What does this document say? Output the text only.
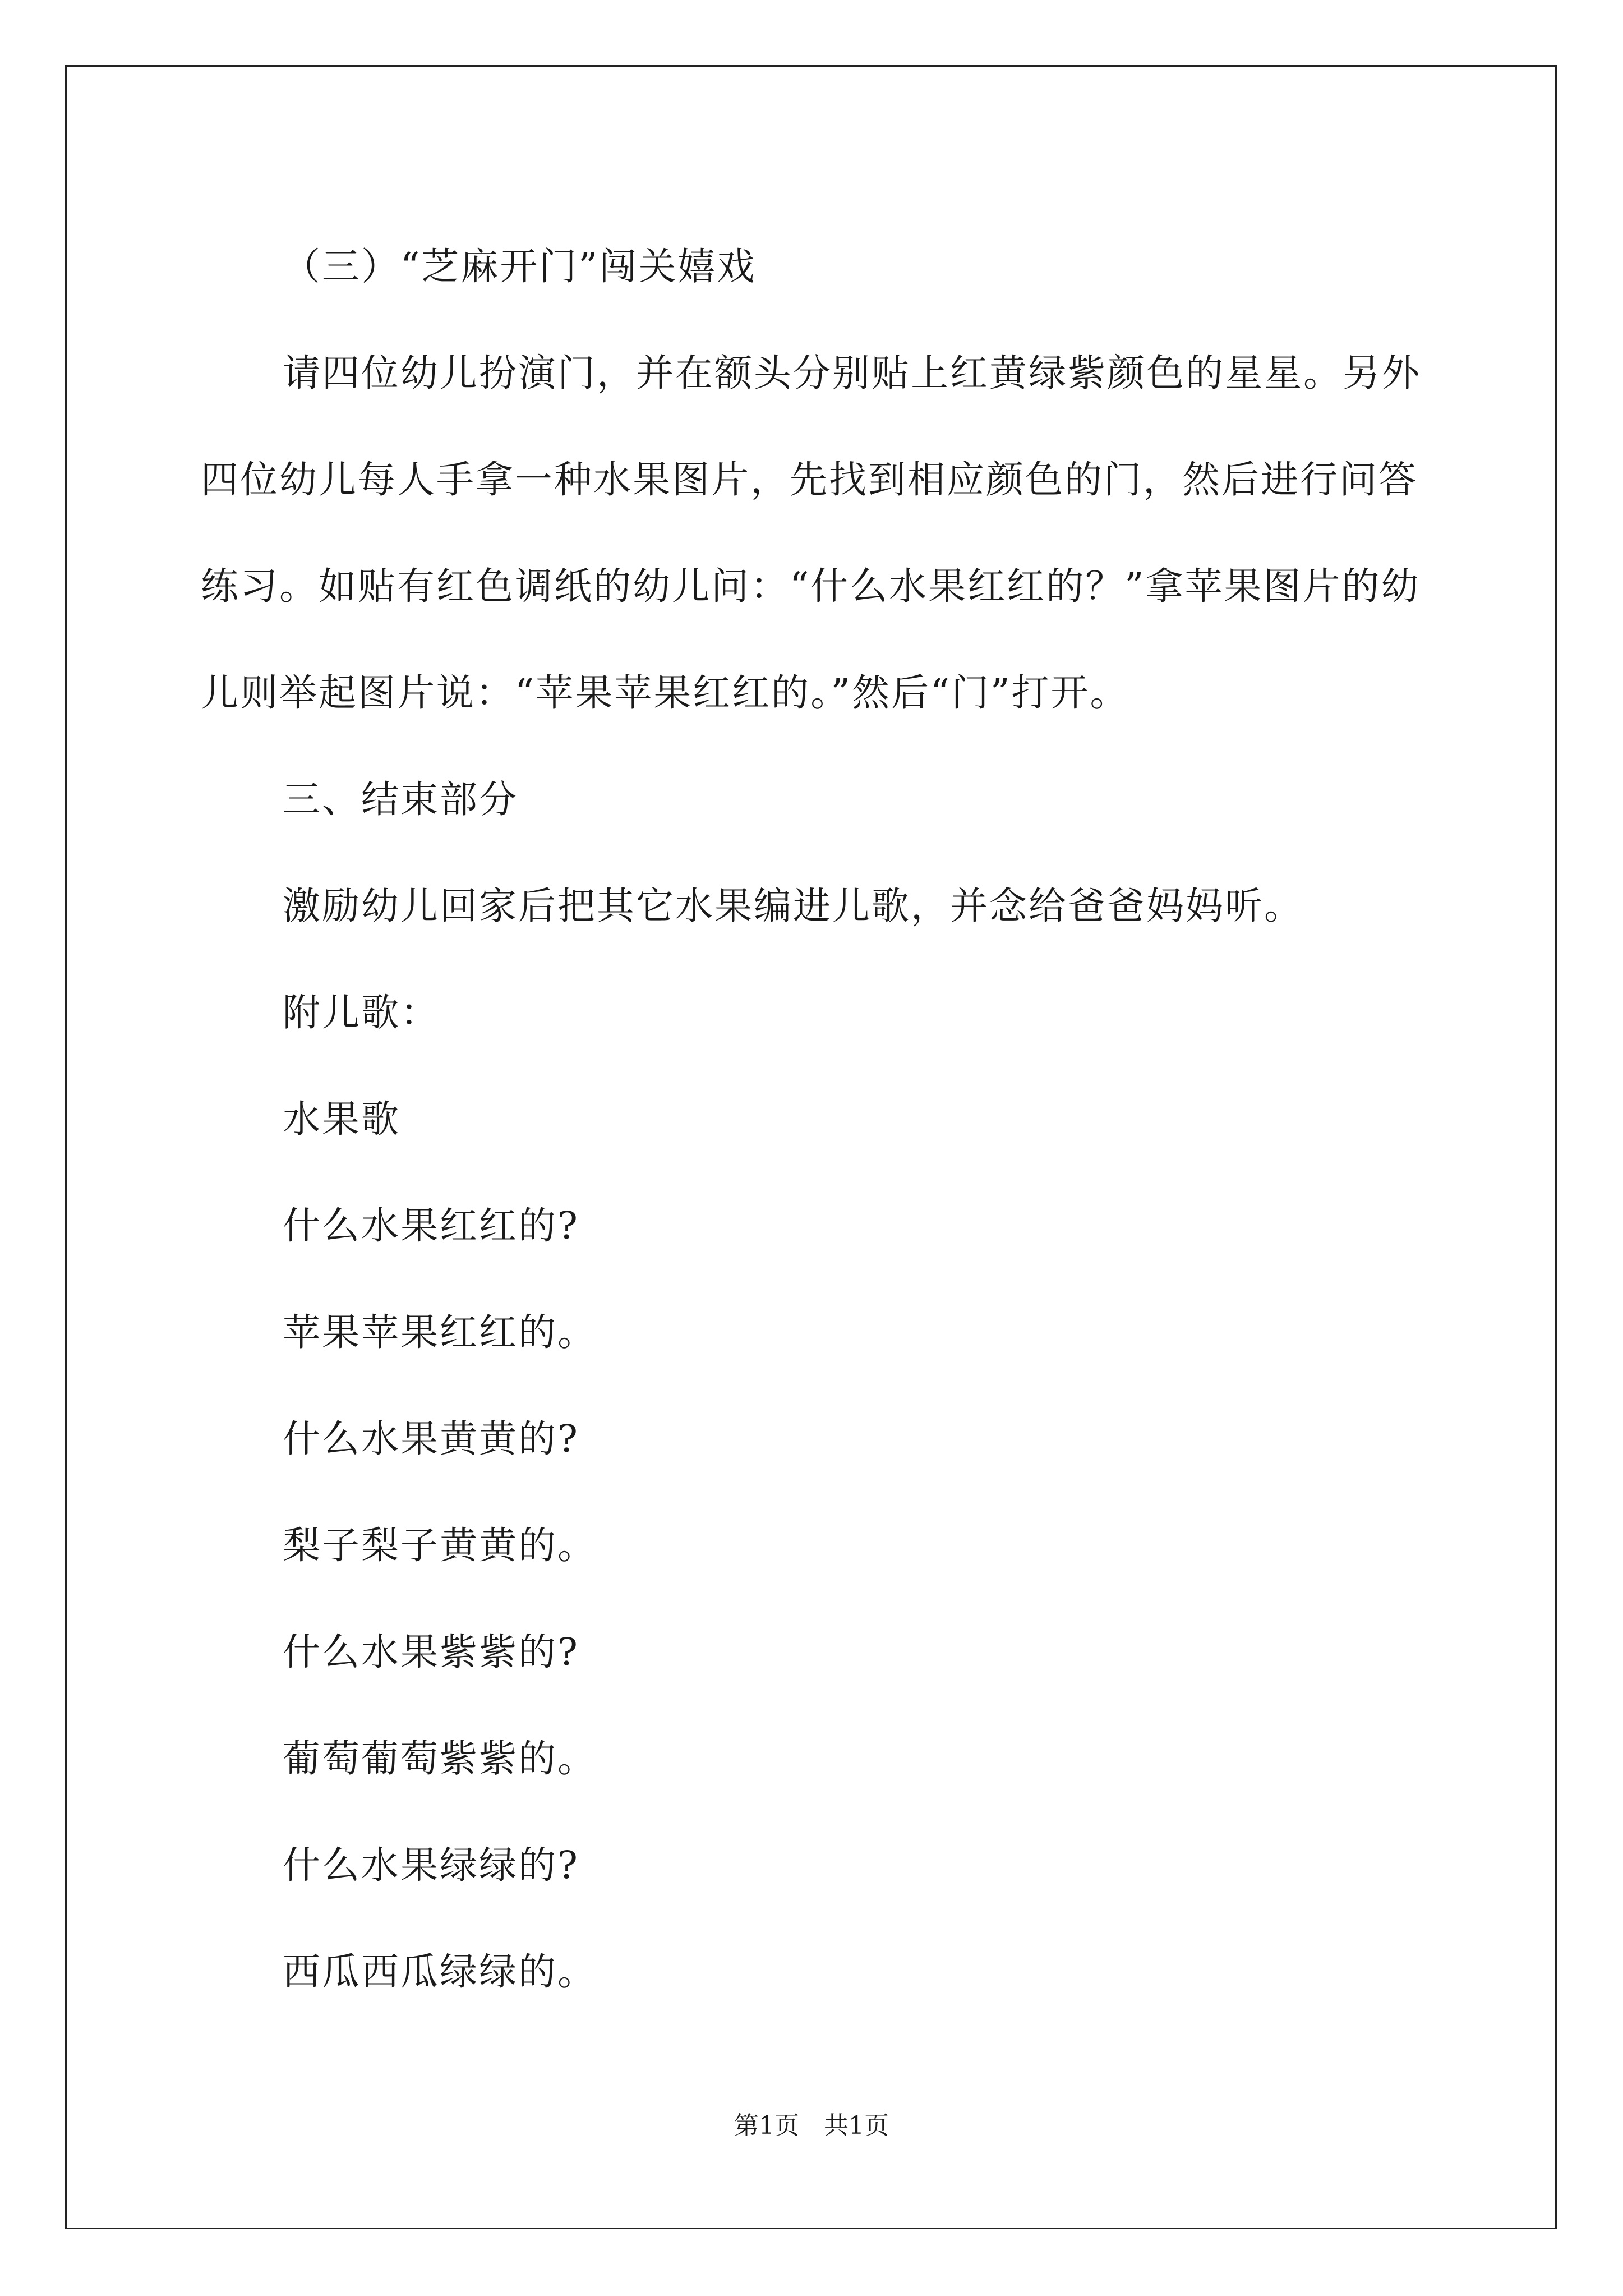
（三）“芝麻开门”闯关嬉戏

请四位幼儿扮演门，并在额头分别贴上红黄绿紫颜色的星星。另外四位幼儿每人手拿一种水果图片，先找到相应颜色的门，然后进行问答练习。如贴有红色调纸的幼儿问：“什么水果红红的？”拿苹果图片的幼儿则举起图片说：“苹果苹果红红的。”然后“门”打开。

三、结束部分

激励幼儿回家后把其它水果编进儿歌，并念给爸爸妈妈听。

附儿歌：

水果歌

什么水果红红的?

苹果苹果红红的。

什么水果黄黄的?

梨子梨子黄黄的。

什么水果紫紫的?

葡萄葡萄紫紫的。

什么水果绿绿的?

西瓜西瓜绿绿的。

第1页　共1页
